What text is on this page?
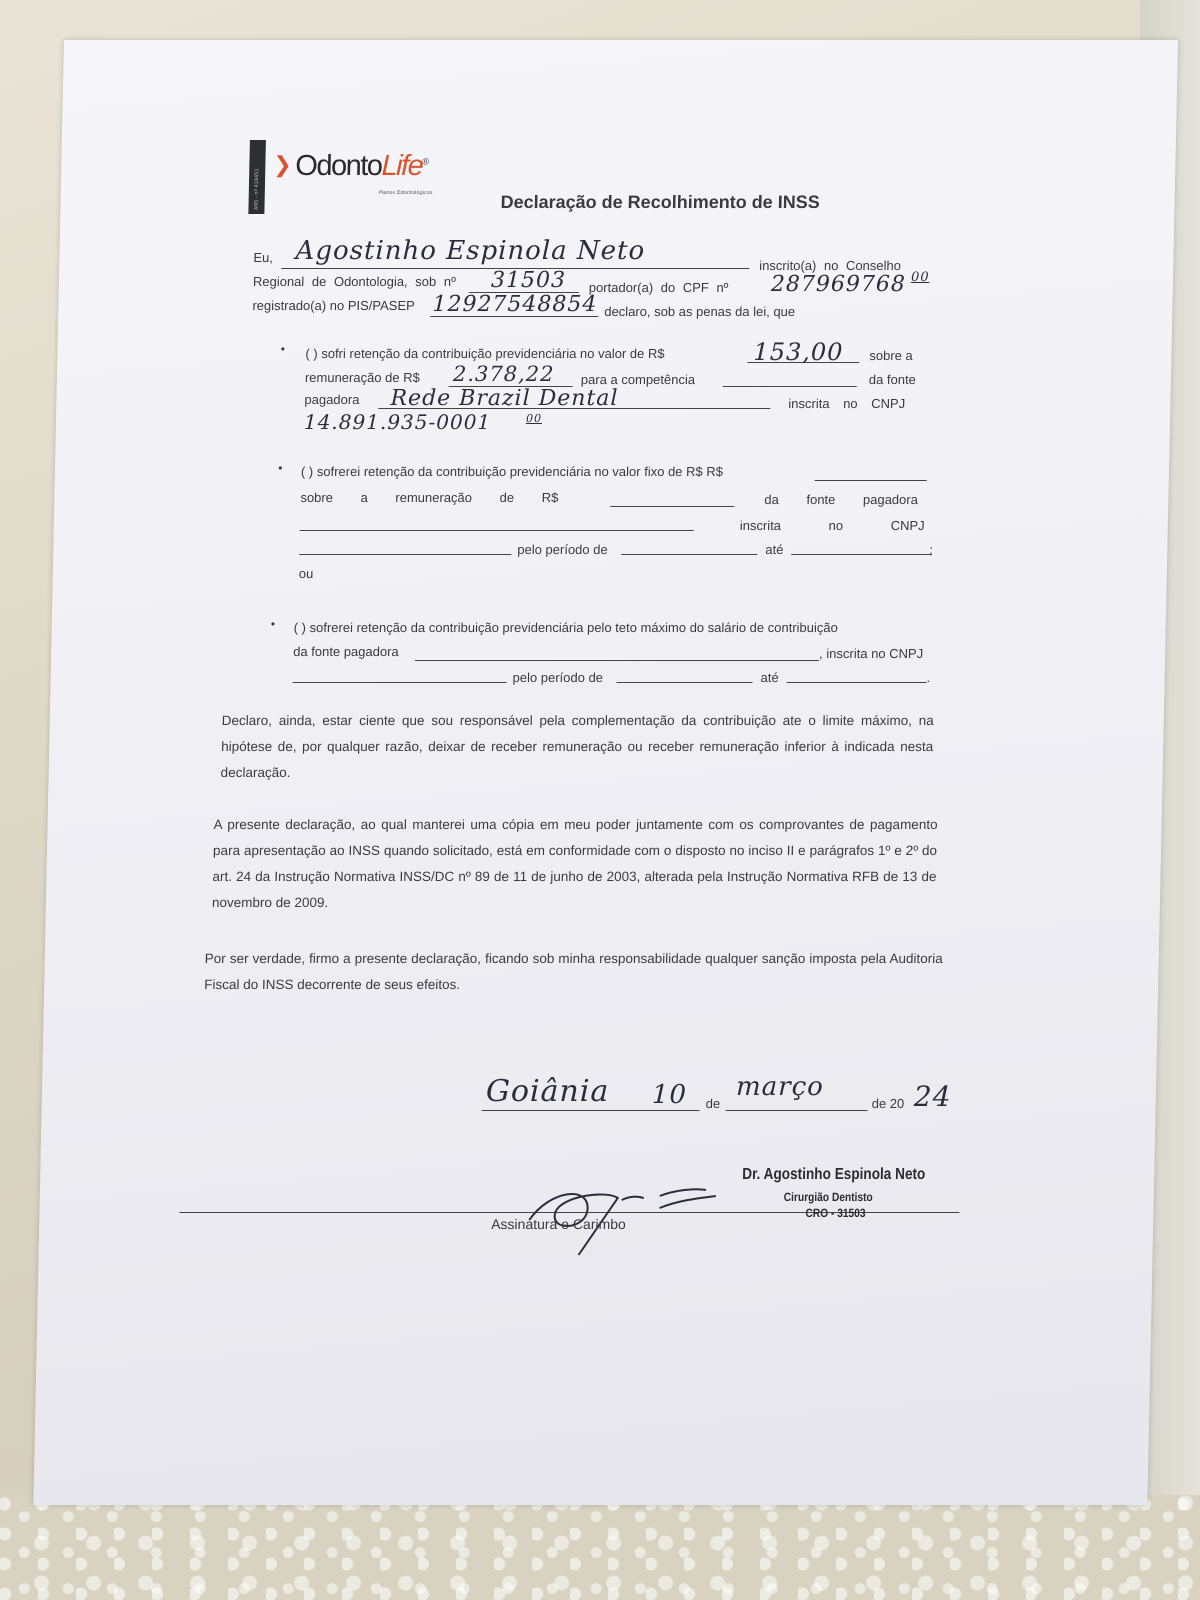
ANS - nº 419451
❯ OdontoLife®
Planos Odontológicos	Declaração de Recolhimento de INSS
Eu, Agostinho Espinola Neto	inscrito(a) no Conselho
Regional de Odontologia, sob nº 31503 portador(a) do CPF nº 287969768 00
registrado(a) no PIS/PASEP 12927548854 declaro, sob as penas da lei, que
• ( ) sofri retenção da contribuição previdenciária no valor de R$	153,00 sobre a
remuneração de R$ 2.378,22 para a competência	da fonte
pagadora Rede Brazil Dental	inscrita no CNPJ
14.891.935-0001	00
• ( ) sofrerei retenção da contribuição previdenciária no valor fixo de R$ R$
sobre a remuneração de R$	da fonte pagadora
inscrita no CNPJ
pelo período de	até	;
ou
• ( ) sofrerei retenção da contribuição previdenciária pelo teto máximo do salário de contribuição
da fonte pagadora	, inscrita no CNPJ
pelo período de	até	.
Declaro, ainda, estar ciente que sou responsável pela complementação da contribuição ate o limite máximo, na hipótese de, por qualquer razão, deixar de receber remuneração ou receber remuneração inferior à indicada nesta declaração.
A presente declaração, ao qual manterei uma cópia em meu poder juntamente com os comprovantes de pagamento para apresentação ao INSS quando solicitado, está em conformidade com o disposto no inciso II e parágrafos 1º e 2º do art. 24 da Instrução Normativa INSS/DC nº 89 de 11 de junho de 2003, alterada pela Instrução Normativa RFB de 13 de novembro de 2009.
Por ser verdade, firmo a presente declaração, ficando sob minha responsabilidade qualquer sanção imposta pela Auditoria Fiscal do INSS decorrente de seus efeitos.
Goiânia 10 de
março
de 20 24
Assinatura e Carimbo
Dr. Agostinho Espinola Neto
Cirurgião Dentisto
CRO - 31503
